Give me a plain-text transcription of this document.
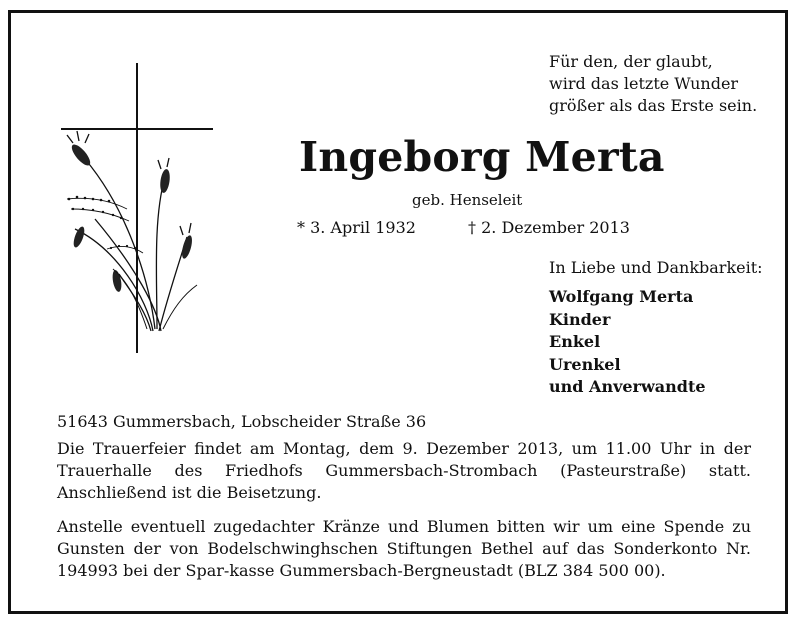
Für den, der glaubt,
wird das letzte Wunder
größer als das Erste sein.
Ingeborg Merta
geb. Henseleit
* 3. April 1932	† 2. Dezember 2013
In Liebe und Dankbarkeit:
Wolfgang Merta
Kinder
Enkel
Urenkel
und Anverwandte
51643 Gummersbach, Lobscheider Straße 36
Die Trauerfeier findet am Montag, dem 9. Dezember 2013, um 11.00 Uhr in der Trauerhalle des Friedhofs Gummersbach-Strombach (Pasteurstraße) statt. Anschließend ist die Beisetzung.
Anstelle eventuell zugedachter Kränze und Blumen bitten wir um eine Spende zu Gunsten der von Bodelschwinghschen Stiftungen Bethel auf das Sonderkonto Nr. 194993 bei der Spar-kasse Gummersbach-Bergneustadt (BLZ 384 500 00).
